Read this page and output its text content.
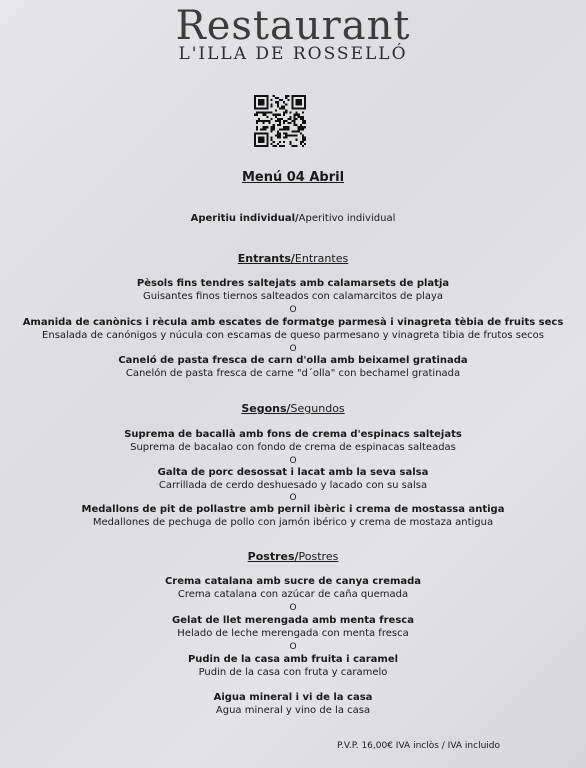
Restaurant
L'ILLA DE ROSSELLÓ
Menú 04 Abril
Aperitiu individual/Aperitivo individual
Entrants/Entrantes
Pèsols fins tendres saltejats amb calamarsets de platja
Guisantes finos tiernos salteados con calamarcitos de playa
O
Amanida de canònics i rècula amb escates de formatge parmesà i vinagreta tèbia de fruits secs
Ensalada de canónigos y núcula con escamas de queso parmesano y vinagreta tibia de frutos secos
O
Caneló de pasta fresca de carn d'olla amb beixamel gratinada
Canelón de pasta fresca de carne "d´olla" con bechamel gratinada
Segons/Segundos
Suprema de bacallà amb fons de crema d'espinacs saltejats
Suprema de bacalao con fondo de crema de espinacas salteadas
O
Galta de porc desossat i lacat amb la seva salsa
Carrillada de cerdo deshuesado y lacado con su salsa
O
Medallons de pit de pollastre amb pernil ibèric i crema de mostassa antiga
Medallones de pechuga de pollo con jamón ibérico y crema de mostaza antigua
Postres/Postres
Crema catalana amb sucre de canya cremada
Crema catalana con azúcar de caña quemada
O
Gelat de llet merengada amb menta fresca
Helado de leche merengada con menta fresca
O
Pudin de la casa amb fruita i caramel
Pudin de la casa con fruta y caramelo
Aigua mineral i vi de la casa
Agua mineral y vino de la casa
P.V.P. 16,00€ IVA inclòs / IVA incluido
